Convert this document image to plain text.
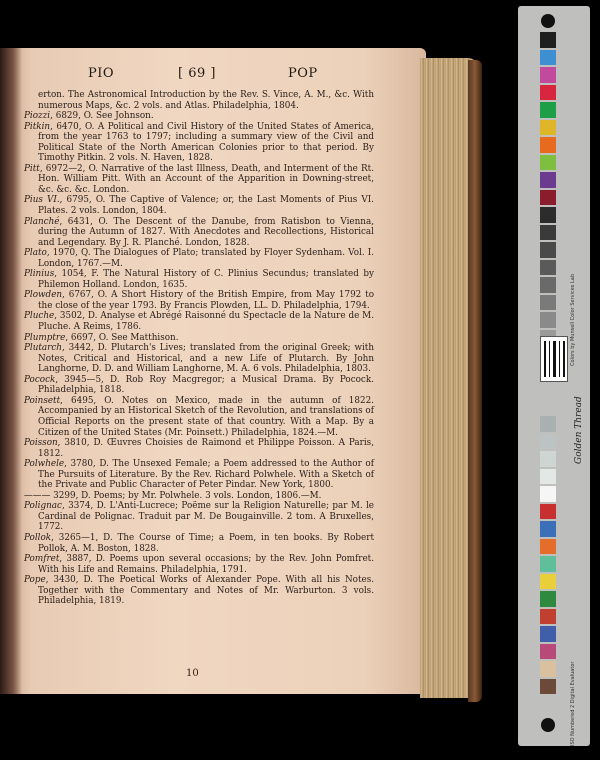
PIO	[ 69 ]	POP
erton. The Astronomical Introduction by the Rev. S. Vince, A. M., &c. With numerous Maps, &c. 2 vols. and Atlas. Philadelphia, 1804.
Piozzi, 6829, O. See Johnson.
Pitkin, 6470, O. A Political and Civil History of the United States of America, from the year 1763 to 1797; including a summary view of the Civil and Political State of the North American Colonies prior to that period. By Timothy Pitkin. 2 vols. N. Haven, 1828.
Pitt, 6972—2, O. Narrative of the last Illness, Death, and Interment of the Rt. Hon. William Pitt. With an Account of the Apparition in Downing-street, &c. &c. &c. London.
Pius VI., 6795, O. The Captive of Valence; or, the Last Moments of Pius VI. Plates. 2 vols. London, 1804.
Planché, 6431, O. The Descent of the Danube, from Ratisbon to Vienna, during the Autumn of 1827. With Anecdotes and Recollections, Historical and Legendary. By J. R. Planché. London, 1828.
Plato, 1970, Q. The Dialogues of Plato; translated by Floyer Sydenham. Vol. I. London, 1767.—M.
Plinius, 1054, F. The Natural History of C. Plinius Secundus; translated by Philemon Holland. London, 1635.
Plowden, 6767, O. A Short History of the British Empire, from May 1792 to the close of the year 1793. By Francis Plowden, LL. D. Philadelphia, 1794.
Pluche, 3502, D. Analyse et Abrégé Raisonné du Spectacle de la Nature de M. Pluche. A Reims, 1786.
Plumptre, 6697, O. See Matthison.
Plutarch, 3442, D. Plutarch's Lives; translated from the original Greek; with Notes, Critical and Historical, and a new Life of Plutarch. By John Langhorne, D. D. and William Langhorne, M. A. 6 vols. Philadelphia, 1803.
Pocock, 3945—5, D. Rob Roy Macgregor; a Musical Drama. By Pocock. Philadelphia, 1818.
Poinsett, 6495, O. Notes on Mexico, made in the autumn of 1822. Accompanied by an Historical Sketch of the Revolution, and translations of Official Reports on the present state of that country. With a Map. By a Citizen of the United States (Mr. Poinsett.) Philadelphia, 1824.—M.
Poisson, 3810, D. Œuvres Choisies de Raimond et Philippe Poisson. A Paris, 1812.
Polwhele, 3780, D. The Unsexed Female; a Poem addressed to the Author of The Pursuits of Literature. By the Rev. Richard Polwhele. With a Sketch of the Private and Public Character of Peter Pindar. New York, 1800.
——— 3299, D. Poems; by Mr. Polwhele. 3 vols. London, 1806.—M.
Polignac, 3374, D. L'Anti-Lucrece; Poëme sur la Religion Naturelle; par M. le Cardinal de Polignac. Traduit par M. De Bougainville. 2 tom. A Bruxelles, 1772.
Pollok, 3265—1, D. The Course of Time; a Poem, in ten books. By Robert Pollok, A. M. Boston, 1828.
Pomfret, 3887, D. Poems upon several occasions; by the Rev. John Pomfret. With his Life and Remains. Philadelphia, 1791.
Pope, 3430, D. The Poetical Works of Alexander Pope. With all his Notes. Together with the Commentary and Notes of Mr. Warburton. 3 vols. Philadelphia, 1819.
10
Colors by Munsell Color Services Lab
Golden Thread
ISO Numbered 2 Digital Evaluator
